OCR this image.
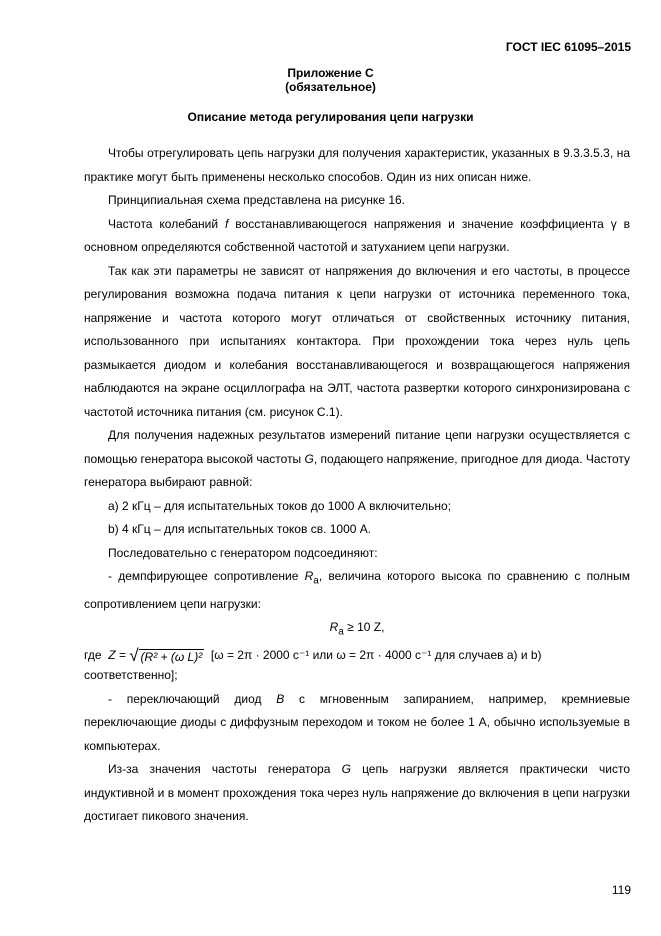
ГОСТ IEC 61095–2015
Приложение С
(обязательное)
Описание метода регулирования цепи нагрузки

Чтобы отрегулировать цепь нагрузки для получения характеристик, указанных в 9.3.3.5.3, на практике могут быть применены несколько способов. Один из них описан ниже.

Принципиальная схема представлена на рисунке 16.

Частота колебаний f восстанавливающегося напряжения и значение коэффициента γ в основном определяются собственной частотой и затуханием цепи нагрузки.

Так как эти параметры не зависят от напряжения до включения и его частоты, в процессе регулирования возможна подача питания к цепи нагрузки от источника переменного тока, напряжение и частота которого могут отличаться от свойственных источнику питания, использованного при испытаниях контактора. При прохождении тока через нуль цепь размыкается диодом и колебания восстанавливающегося и возвращающегося напряжения наблюдаются на экране осциллографа на ЭЛТ, частота развертки которого синхронизирована с частотой источника питания (см. рисунок С.1).

Для получения надежных результатов измерений питание цепи нагрузки осуществляется с помощью генератора высокой частоты G, подающего напряжение, пригодное для диода. Частоту генератора выбирают равной:

а) 2 кГц – для испытательных токов до 1000 А включительно;

b) 4 кГц – для испытательных токов св. 1000 А.

Последовательно с генератором подсоединяют:

- демпфирующее сопротивление $R_a$, величина которого высока по сравнению с полным сопротивлением цепи нагрузки:

$R_a \ge 10$ Z,

где Z = √ (R² + (ω L)² [ω = 2π · 2000 с⁻¹ или ω = 2π · 4000 с⁻¹ для случаев а) и b)

соответственно];

- переключающий диод B с мгновенным запиранием, например, кремниевые переключающие диоды с диффузным переходом и током не более 1 А, обычно используемые в компьютерах.

Из-за значения частоты генератора G цепь нагрузки является практически чисто индуктивной и в момент прохождения тока через нуль напряжение до включения в цепи нагрузки достигает пикового значения.

119
